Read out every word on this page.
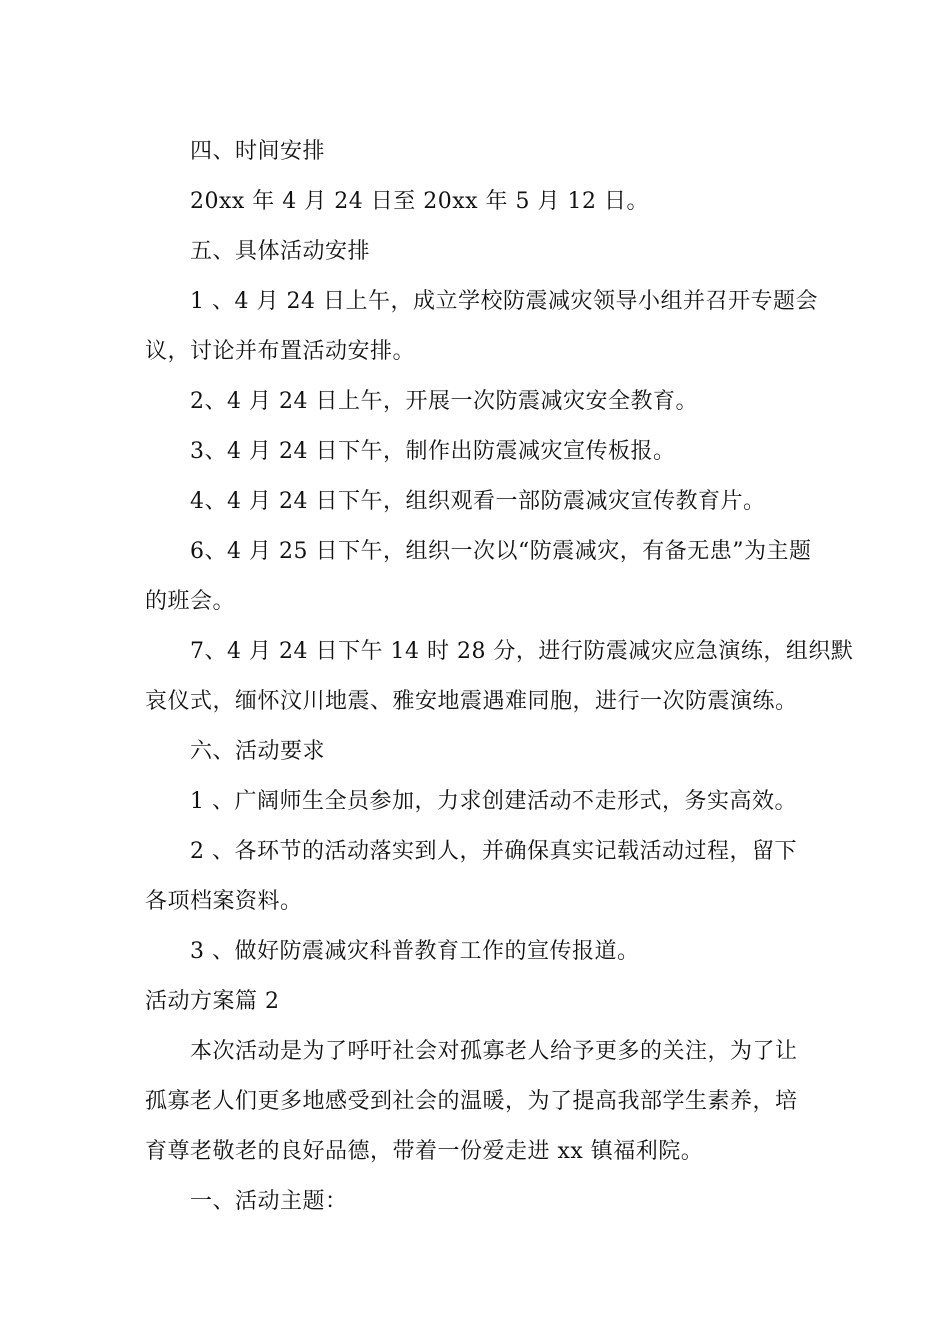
四、时间安排
20xx 年 4 月 24 日至 20xx 年 5 月 12 日。
五、具体活动安排
1 、4 月 24 日上午，成立学校防震减灾领导小组并召开专题会
议，讨论并布置活动安排。
2、4 月 24 日上午，开展一次防震减灾安全教育。
3、4 月 24 日下午，制作出防震减灾宣传板报。
4、4 月 24 日下午，组织观看一部防震减灾宣传教育片。
6、4 月 25 日下午，组织一次以“防震减灾，有备无患”为主题
的班会。
7、4 月 24 日下午 14 时 28 分，进行防震减灾应急演练，组织默
哀仪式，缅怀汶川地震、雅安地震遇难同胞，进行一次防震演练。
六、活动要求
1 、广阔师生全员参加，力求创建活动不走形式，务实高效。
2 、各环节的活动落实到人，并确保真实记载活动过程，留下
各项档案资料。
3 、做好防震减灾科普教育工作的宣传报道。
活动方案篇 2
本次活动是为了呼吁社会对孤寡老人给予更多的关注，为了让
孤寡老人们更多地感受到社会的温暖，为了提高我部学生素养，培
育尊老敬老的良好品德，带着一份爱走进 xx 镇福利院。
一、活动主题：
